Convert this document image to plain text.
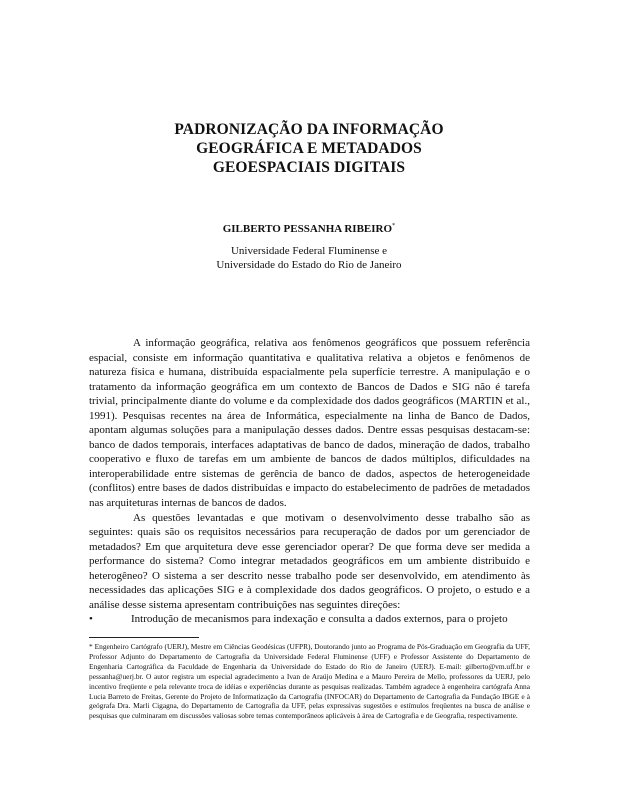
PADRONIZAÇÃO DA INFORMAÇÃO
GEOGRÁFICA E METADADOS
GEOESPACIAIS DIGITAIS
GILBERTO PESSANHA RIBEIRO*
Universidade Federal Fluminense e
Universidade do Estado do Rio de Janeiro

A informação geográfica, relativa aos fenômenos geográficos que possuem referência espacial, consiste em informação quantitativa e qualitativa relativa a objetos e fenômenos de natureza física e humana, distribuída espacialmente pela superfície terrestre. A manipulação e o tratamento da informação geográfica em um contexto de Bancos de Dados e SIG não é tarefa trivial, principalmente diante do volume e da complexidade dos dados geográficos (MARTIN et al., 1991). Pesquisas recentes na área de Informática, especialmente na linha de Banco de Dados, apontam algumas soluções para a manipulação desses dados. Dentre essas pesquisas destacam-se: banco de dados temporais, interfaces adaptativas de banco de dados, mineração de dados, trabalho cooperativo e fluxo de tarefas em um ambiente de bancos de dados múltiplos, dificuldades na interoperabilidade entre sistemas de gerência de banco de dados, aspectos de heterogeneidade (conflitos) entre bases de dados distribuídas e impacto do estabelecimento de padrões de metadados nas arquiteturas internas de bancos de dados.

As questões levantadas e que motivam o desenvolvimento desse trabalho são as seguintes: quais são os requisitos necessários para recuperação de dados por um gerenciador de metadados? Em que arquitetura deve esse gerenciador operar? De que forma deve ser medida a performance do sistema? Como integrar metadados geográficos em um ambiente distribuído e heterogêneo? O sistema a ser descrito nesse trabalho pode ser desenvolvido, em atendimento às necessidades das aplicações SIG e à complexidade dos dados geográficos. O projeto, o estudo e a análise desse sistema apresentam contribuições nas seguintes direções:

•	Introdução de mecanismos para indexação e consulta a dados externos, para o projeto

* Engenheiro Cartógrafo (UERJ), Mestre em Ciências Geodésicas (UFPR), Doutorando junto ao Programa de Pós-Graduação em Geografia da UFF, Professor Adjunto do Departamento de Cartografia da Universidade Federal Fluminense (UFF) e Professor Assistente do Departamento de Engenharia Cartográfica da Faculdade de Engenharia da Universidade do Estado do Rio de Janeiro (UERJ). E-mail: gilberto@vm.uff.br e pessanha@uerj.br. O autor registra um especial agradecimento a Ivan de Araújo Medina e a Mauro Pereira de Mello, professores da UERJ, pelo incentivo freqüente e pela relevante troca de idéias e experiências durante as pesquisas realizadas. Também agradece à engenheira cartógrafa Anna Lucia Barreto de Freitas, Gerente do Projeto de Informatização da Cartografia (INFOCAR) do Departamento de Cartografia da Fundação IBGE e à geógrafa Dra. Marli Cigagna, do Departamento de Cartografia da UFF, pelas expressivas sugestões e estímulos freqüentes na busca de análise e pesquisas que culminaram em discussões valiosas sobre temas contemporâneos aplicáveis à área de Cartografia e de Geografia, respectivamente.
